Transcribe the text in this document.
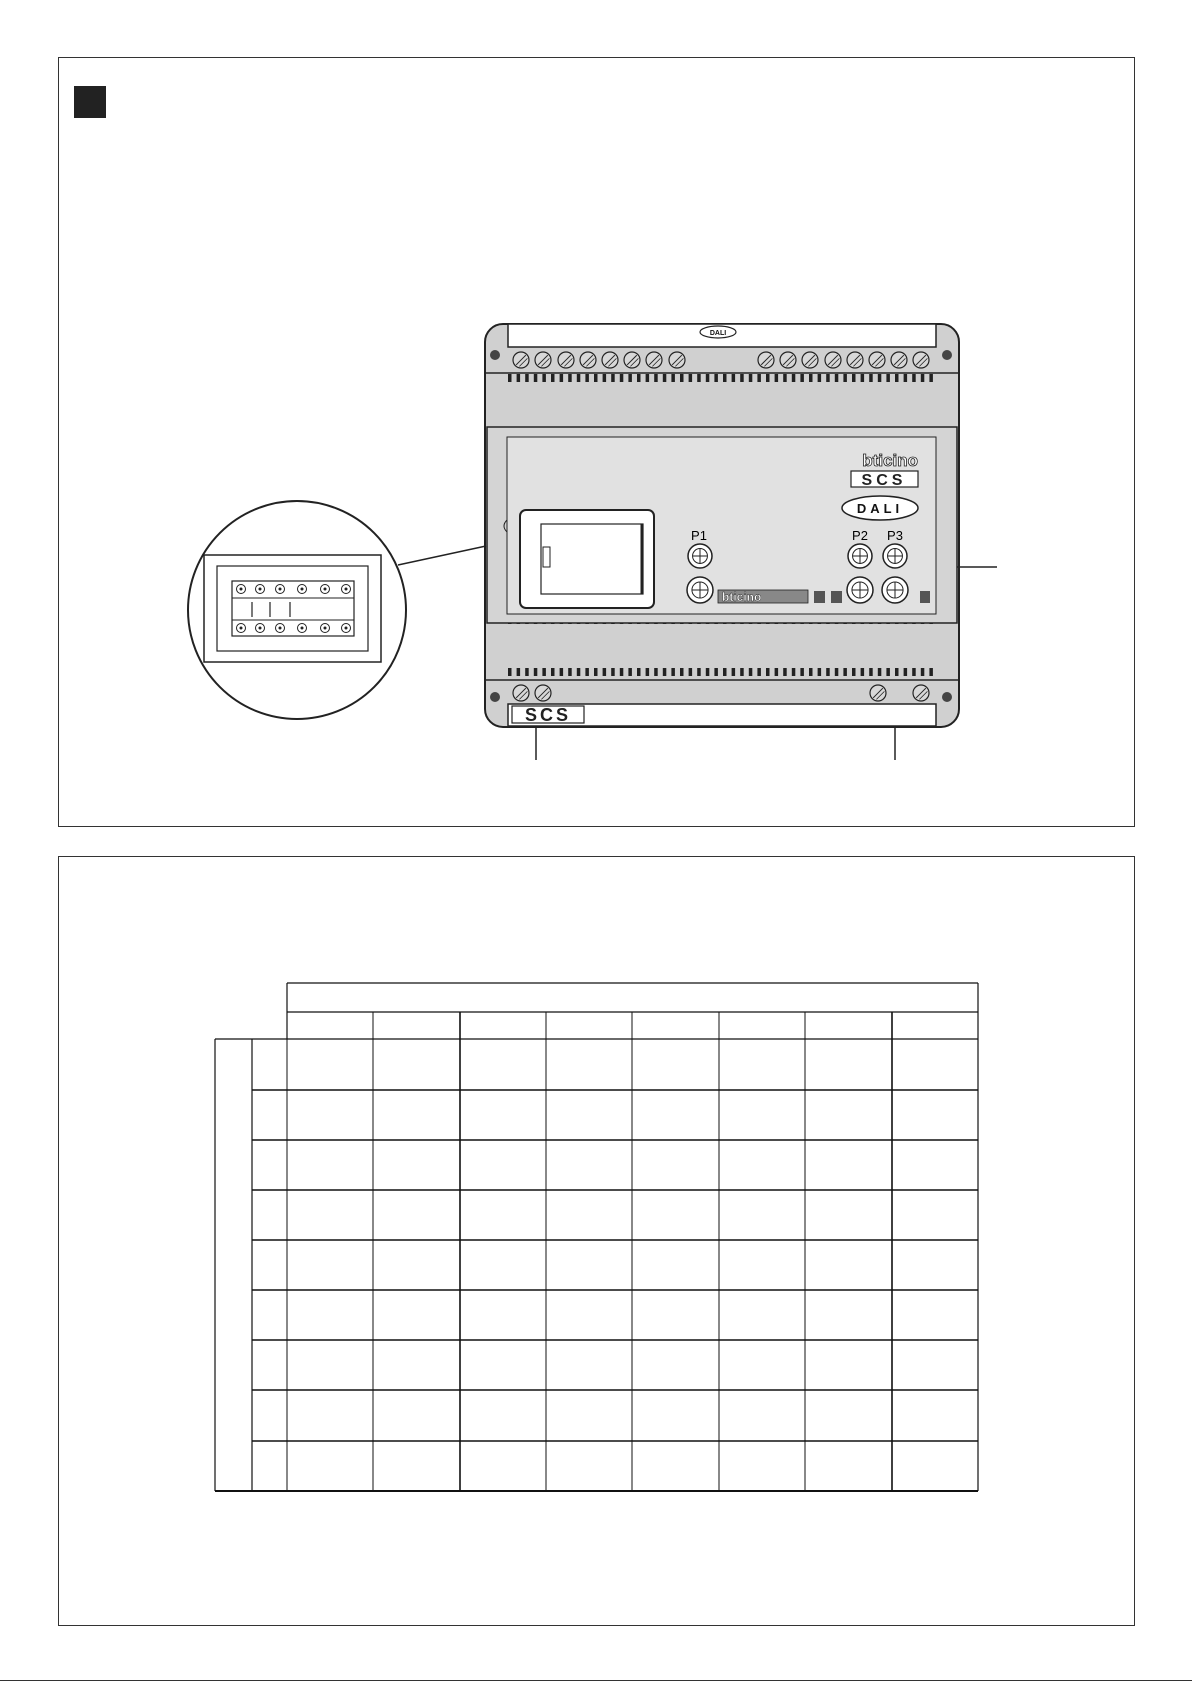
DALI
SCS
bticino
SCS
DALI
P1	P2 P3
bticino
